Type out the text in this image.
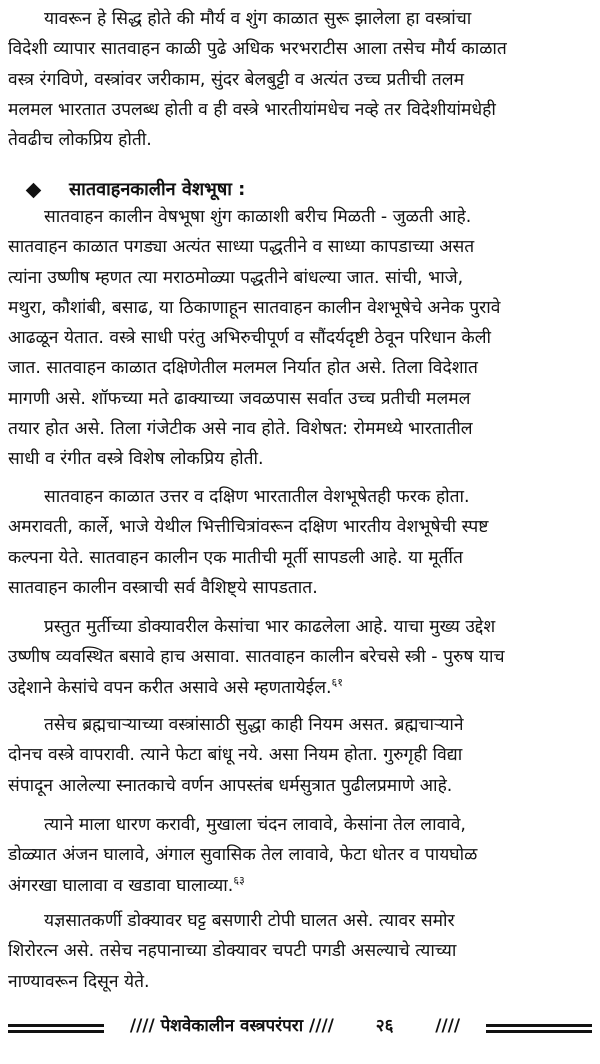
यावरून हे सिद्ध होते की मौर्य व शुंग काळात सुरू झालेला हा वस्त्रांचा
विदेशी व्यापार सातवाहन काळी पुढे अधिक भरभराटीस आला तसेच मौर्य काळात
वस्त्र रंगविणे, वस्त्रांवर जरीकाम, सुंदर बेलबुट्टी व अत्यंत उच्च प्रतीची तलम
मलमल भारतात उपलब्ध होती व ही वस्त्रे भारतीयांमधेच नव्हे तर विदेशीयांमधेही
तेवढीच लोकप्रिय होती.
सातवाहनकालीन वेशभूषा :
सातवाहन कालीन वेषभूषा शुंग काळाशी बरीच मिळती - जुळती आहे.
सातवाहन काळात पगड्या अत्यंत साध्या पद्धतीने व साध्या कापडाच्या असत
त्यांना उष्णीष म्हणत त्या मराठमोळ्या पद्धतीने बांधल्या जात. सांची, भाजे,
मथुरा, कौशांबी, बसाढ, या ठिकाणाहून सातवाहन कालीन वेशभूषेचे अनेक पुरावे
आढळून येतात. वस्त्रे साधी परंतु अभिरुचीपूर्ण व सौंदर्यदृष्टी ठेवून परिधान केली
जात. सातवाहन काळात दक्षिणेतील मलमल निर्यात होत असे. तिला विदेशात
मागणी असे. शॉफच्या मते ढाक्याच्या जवळपास सर्वात उच्च प्रतीची मलमल
तयार होत असे. तिला गंजेटीक असे नाव होते. विशेषत: रोममध्ये भारतातील
साधी व रंगीत वस्त्रे विशेष लोकप्रिय होती.
सातवाहन काळात उत्तर व दक्षिण भारतातील वेशभूषेतही फरक होता.
अमरावती, कार्ले, भाजे येथील भित्तीचित्रांवरून दक्षिण भारतीय वेशभूषेची स्पष्ट
कल्पना येते. सातवाहन कालीन एक मातीची मूर्ती सापडली आहे. या मूर्तीत
सातवाहन कालीन वस्त्राची सर्व वैशिष्ट्ये सापडतात.
प्रस्तुत मुर्तीच्या डोक्यावरील केसांचा भार काढलेला आहे. याचा मुख्य उद्देश
उष्णीष व्यवस्थित बसावे हाच असावा. सातवाहन कालीन बरेचसे स्त्री - पुरुष याच
उद्देशाने केसांचे वपन करीत असावे असे म्हणतायेईल.$^{६१}$
तसेच ब्रह्मचाऱ्याच्या वस्त्रांसाठी सुद्धा काही नियम असत. ब्रह्मचाऱ्याने
दोनच वस्त्रे वापरावी. त्याने फेटा बांधू नये. असा नियम होता. गुरुगृही विद्या
संपादून आलेल्या स्नातकाचे वर्णन आपस्तंब धर्मसुत्रात पुढीलप्रमाणे आहे.
त्याने माला धारण करावी, मुखाला चंदन लावावे, केसांना तेल लावावे,
डोळ्यात अंजन घालावे, अंगाल सुवासिक तेल लावावे, फेटा धोतर व पायघोळ
अंगरखा घालावा व खडावा घालाव्या.$^{६३}$
यज्ञसातकर्णी डोक्यावर घट्ट बसणारी टोपी घालत असे. त्यावर समोर
शिरोरत्न असे. तसेच नहपानाच्या डोक्यावर चपटी पगडी असल्याचे त्याच्या
नाण्यावरून दिसून येते.
//// पेशवेकालीन वस्त्रपरंपरा //// २६ ////
